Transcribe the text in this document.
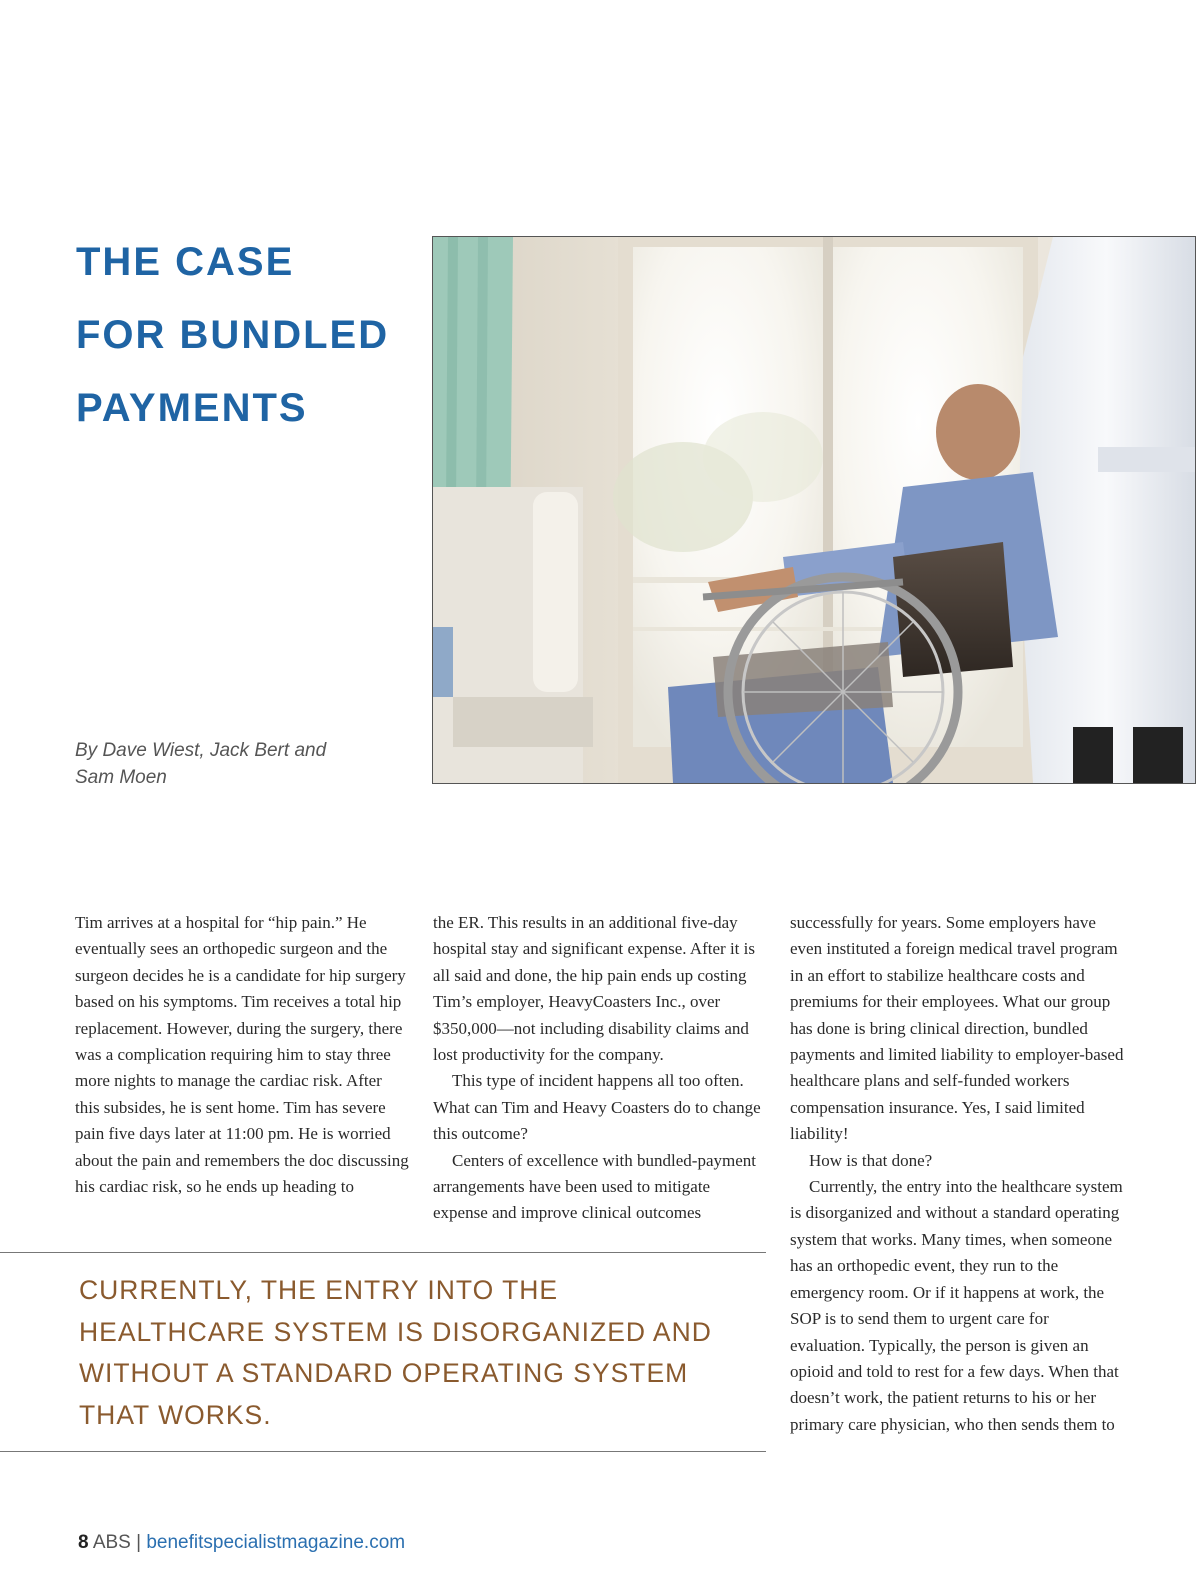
THE CASE
FOR BUNDLED
PAYMENTS
By Dave Wiest, Jack Bert and
Sam Moen

Tim arrives at a hospital for “hip pain.” He eventually sees an orthopedic surgeon and the surgeon decides he is a candidate for hip surgery based on his symptoms. Tim receives a total hip replacement. However, during the surgery, there was a complication requiring him to stay three more nights to manage the cardiac risk. After this subsides, he is sent home. Tim has severe pain five days later at 11:00 pm. He is worried about the pain and remembers the doc discussing his cardiac risk, so he ends up heading to

the ER. This results in an additional five-day hospital stay and significant expense. After it is all said and done, the hip pain ends up costing Tim’s employer, HeavyCoasters Inc., over $350,000—not including disability claims and lost productivity for the company.

This type of incident happens all too often. What can Tim and Heavy Coasters do to change this outcome?

Centers of excellence with bundled-payment arrangements have been used to mitigate expense and improve clinical outcomes

successfully for years. Some employers have even instituted a foreign medical travel program in an effort to stabilize healthcare costs and premiums for their employees. What our group has done is bring clinical direction, bundled payments and limited liability to employer-based healthcare plans and self-funded workers compensation insurance. Yes, I said limited liability!

How is that done?

Currently, the entry into the healthcare system is disorganized and without a standard operating system that works. Many times, when someone has an orthopedic event, they run to the emergency room. Or if it happens at work, the SOP is to send them to urgent care for evaluation. Typically, the person is given an opioid and told to rest for a few days. When that doesn’t work, the patient returns to his or her primary care physician, who then sends them to

CURRENTLY, THE ENTRY INTO THE HEALTHCARE SYSTEM IS DISORGANIZED AND WITHOUT A STANDARD OPERATING SYSTEM THAT WORKS.
8 ABS | benefitspecialistmagazine.com
